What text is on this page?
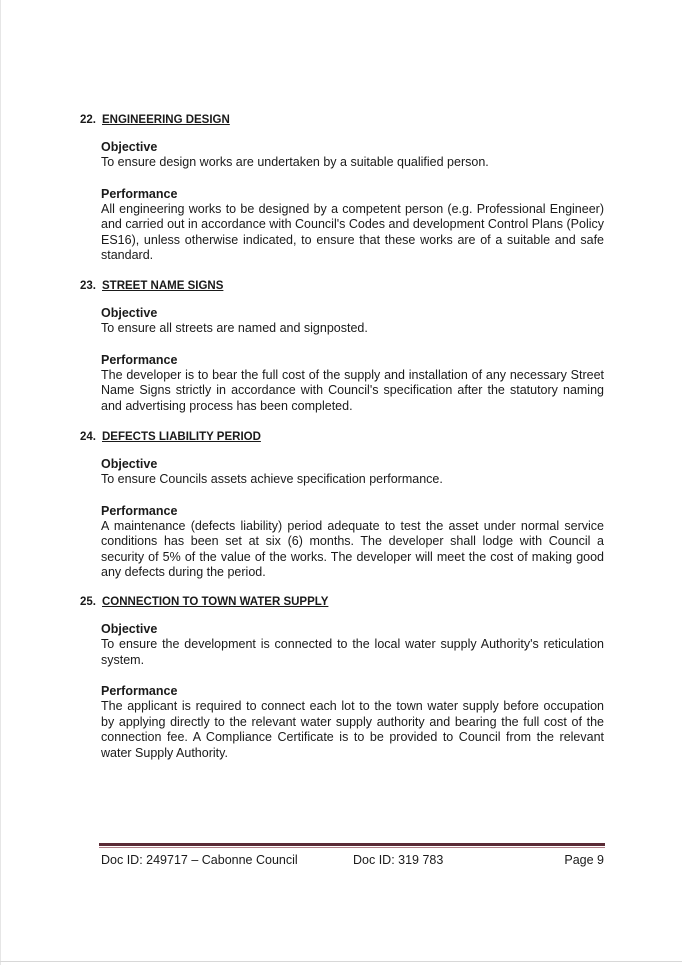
22. ENGINEERING DESIGN
Objective
To ensure design works are undertaken by a suitable qualified person.
Performance
All engineering works to be designed by a competent person (e.g. Professional Engineer) and carried out in accordance with Council's Codes and development Control Plans (Policy ES16), unless otherwise indicated, to ensure that these works are of a suitable and safe standard.
23. STREET NAME SIGNS
Objective
To ensure all streets are named and signposted.
Performance
The developer is to bear the full cost of the supply and installation of any necessary Street Name Signs strictly in accordance with Council's specification after the statutory naming and advertising process has been completed.
24. DEFECTS LIABILITY PERIOD
Objective
To ensure Councils assets achieve specification performance.
Performance
A maintenance (defects liability) period adequate to test the asset under normal service conditions has been set at six (6) months. The developer shall lodge with Council a security of 5% of the value of the works. The developer will meet the cost of making good any defects during the period.
25. CONNECTION TO TOWN WATER SUPPLY
Objective
To ensure the development is connected to the local water supply Authority's reticulation system.
Performance
The applicant is required to connect each lot to the town water supply before occupation by applying directly to the relevant water supply authority and bearing the full cost of the connection fee. A Compliance Certificate is to be provided to Council from the relevant water Supply Authority.
Doc ID: 249717 – Cabonne Council	Doc ID: 319 783	Page 9
